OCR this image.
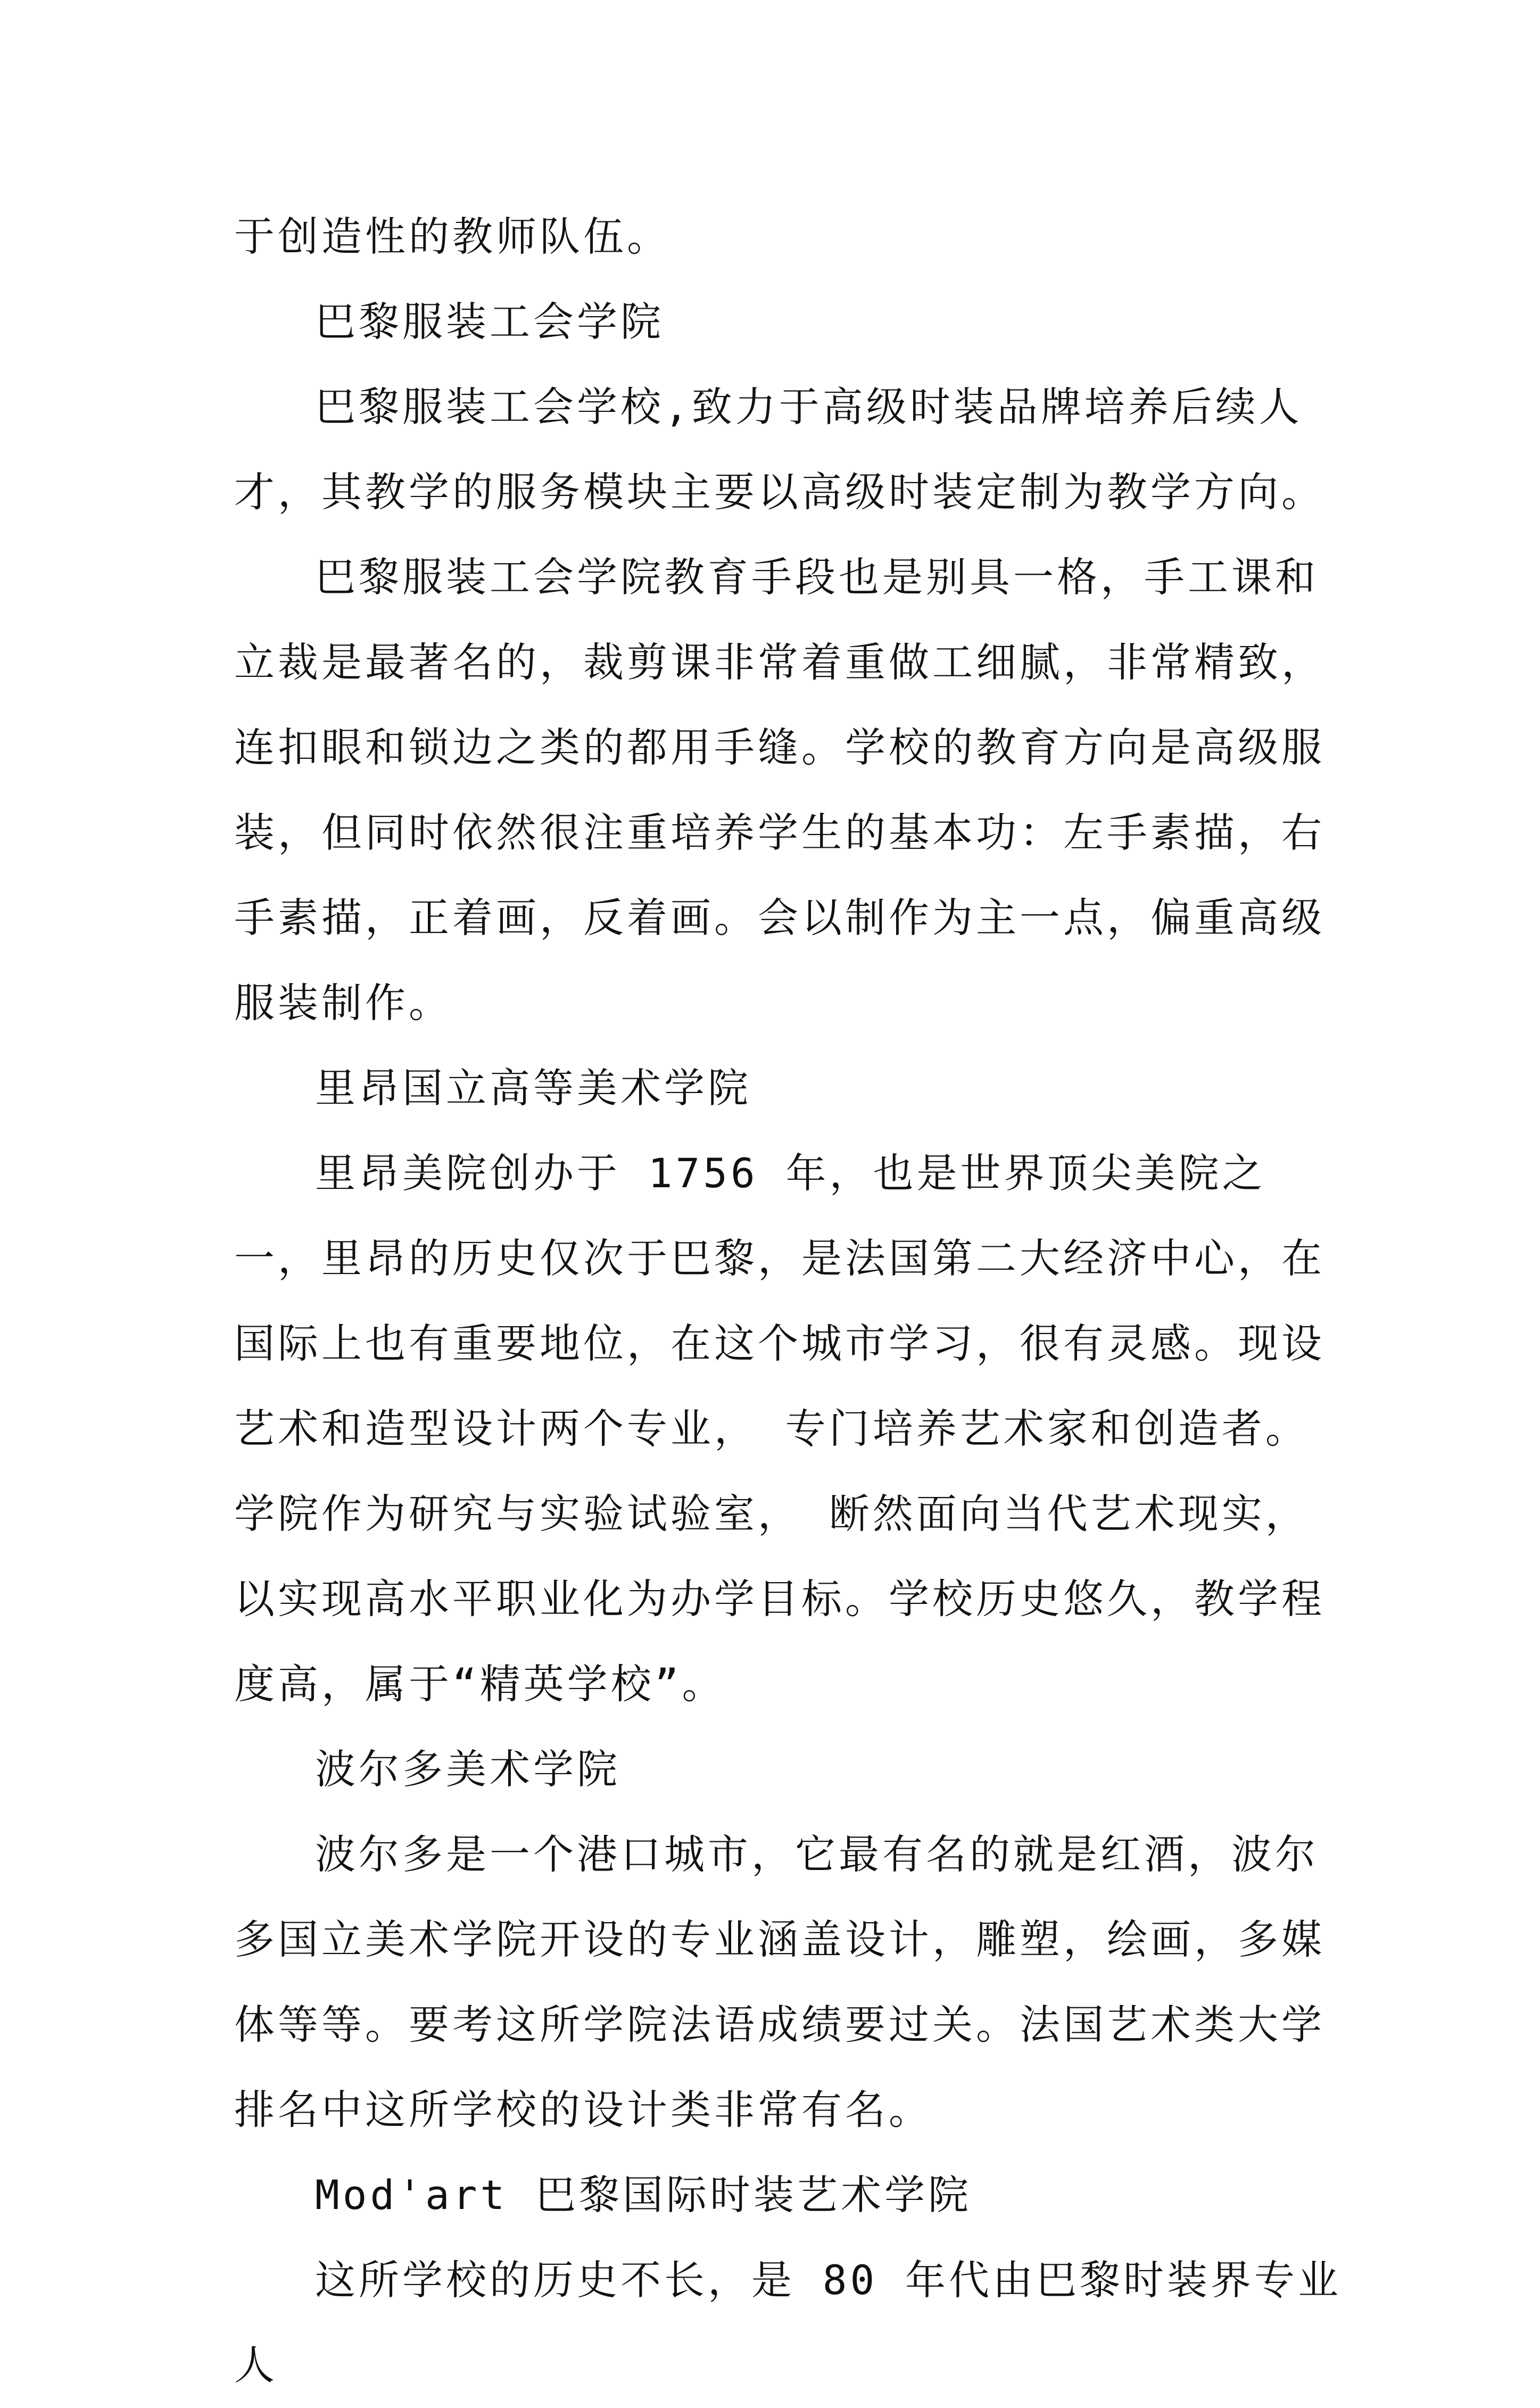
于创造性的教师队伍。

巴黎服装工会学院

巴黎服装工会学校,致力于高级时装品牌培养后续人才，其教学的服务模块主要以高级时装定制为教学方向。

巴黎服装工会学院教育手段也是别具一格，手工课和立裁是最著名的，裁剪课非常着重做工细腻，非常精致，连扣眼和锁边之类的都用手缝。学校的教育方向是高级服装，但同时依然很注重培养学生的基本功：左手素描，右手素描，正着画，反着画。会以制作为主一点，偏重高级服装制作。

里昂国立高等美术学院

里昂美院创办于 1756 年，也是世界顶尖美院之一，里昂的历史仅次于巴黎，是法国第二大经济中心，在国际上也有重要地位，在这个城市学习，很有灵感。现设艺术和造型设计两个专业， 专门培养艺术家和创造者。学院作为研究与实验试验室， 断然面向当代艺术现实， 以实现高水平职业化为办学目标。学校历史悠久，教学程度高，属于“精英学校”。

波尔多美术学院

波尔多是一个港口城市，它最有名的就是红酒，波尔多国立美术学院开设的专业涵盖设计，雕塑，绘画，多媒体等等。要考这所学院法语成绩要过关。法国艺术类大学排名中这所学校的设计类非常有名。

Mod'art 巴黎国际时装艺术学院

这所学校的历史不长，是 80 年代由巴黎时装界专业人
